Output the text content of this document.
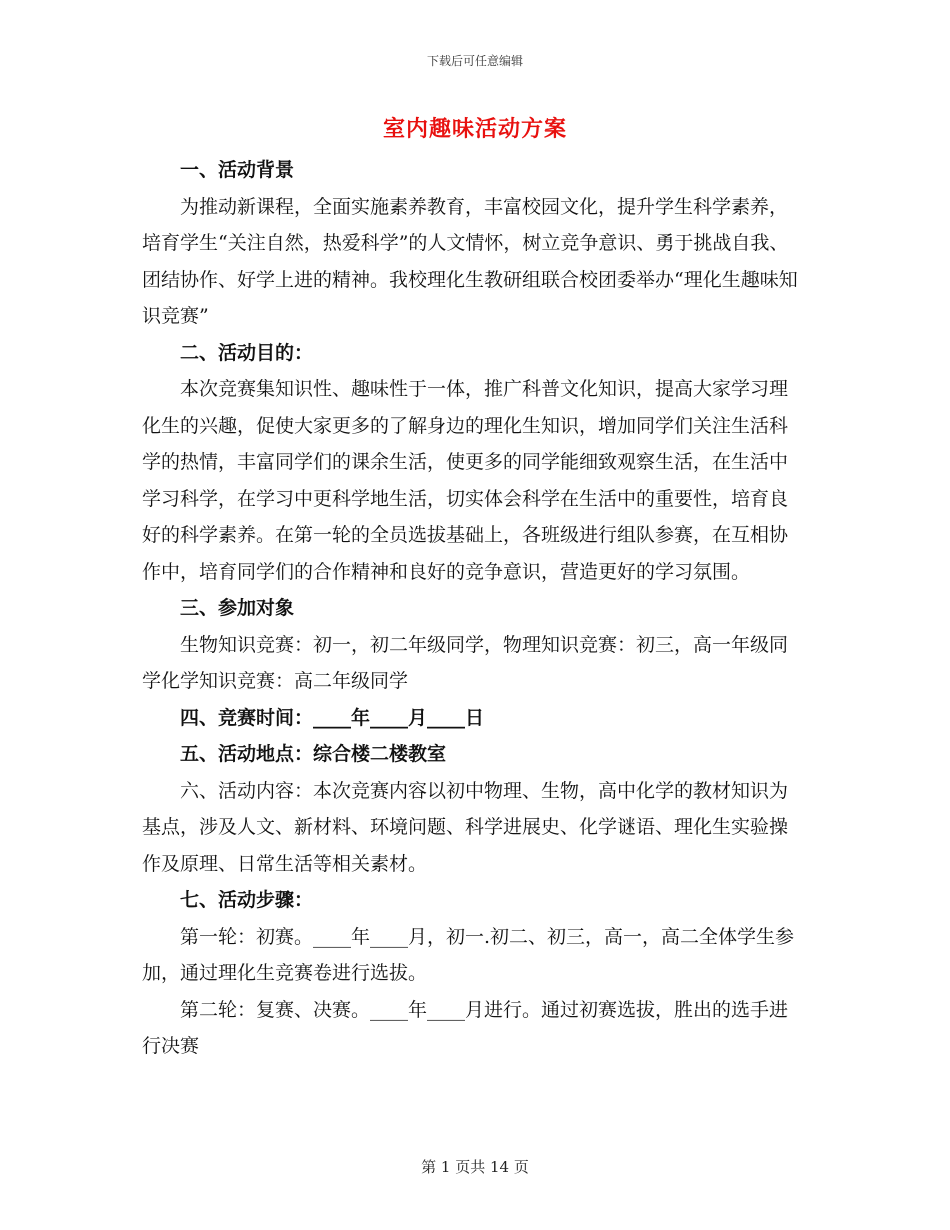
下载后可任意编辑
室内趣味活动方案

一、活动背景

为推动新课程，全面实施素养教育，丰富校园文化，提升学生科学素养，培育学生“关注自然，热爱科学”的人文情怀，树立竞争意识、勇于挑战自我、团结协作、好学上进的精神。我校理化生教研组联合校团委举办“理化生趣味知识竞赛”

二、活动目的：

本次竞赛集知识性、趣味性于一体，推广科普文化知识，提高大家学习理化生的兴趣，促使大家更多的了解身边的理化生知识，增加同学们关注生活科学的热情，丰富同学们的课余生活，使更多的同学能细致观察生活，在生活中学习科学，在学习中更科学地生活，切实体会科学在生活中的重要性，培育良好的科学素养。在第一轮的全员选拔基础上，各班级进行组队参赛，在互相协作中，培育同学们的合作精神和良好的竞争意识，营造更好的学习氛围。

三、参加对象

生物知识竞赛：初一，初二年级同学，物理知识竞赛：初三，高一年级同学化学知识竞赛：高二年级同学

四、竞赛时间：____年____月____日

五、活动地点：综合楼二楼教室

六、活动内容：本次竞赛内容以初中物理、生物，高中化学的教材知识为基点，涉及人文、新材料、环境问题、科学进展史、化学谜语、理化生实验操作及原理、日常生活等相关素材。

七、活动步骤：

第一轮：初赛。____年____月，初一.初二、初三，高一，高二全体学生参加，通过理化生竞赛卷进行选拔。

第二轮：复赛、决赛。____年____月进行。通过初赛选拔，胜出的选手进行决赛

第 1 页共 14 页
